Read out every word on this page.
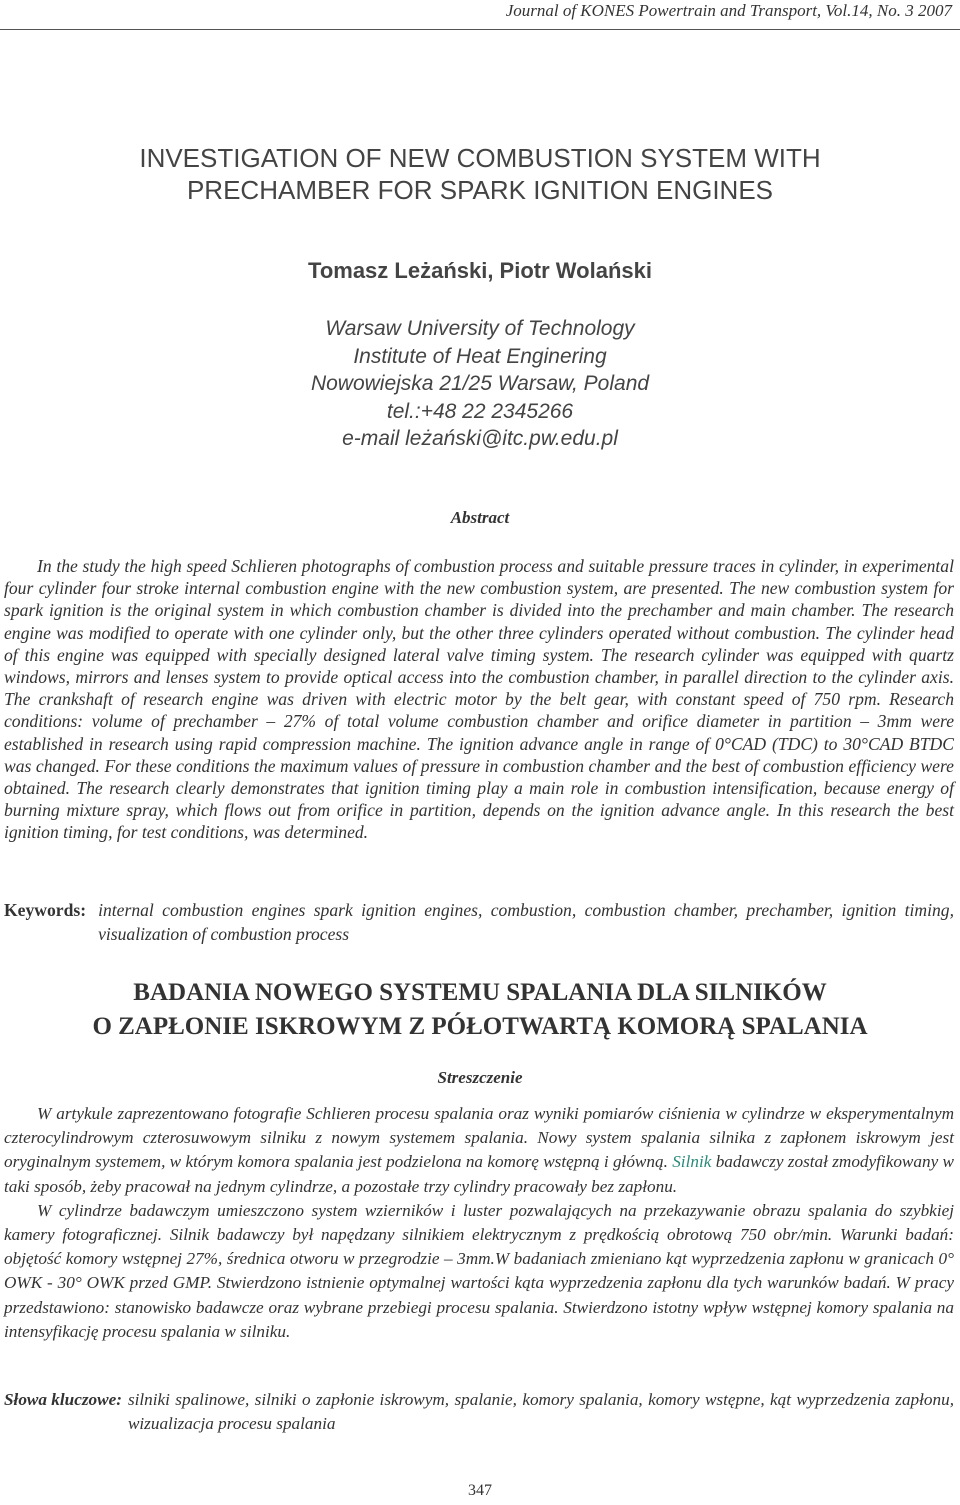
Journal of KONES Powertrain and Transport, Vol.14, No. 3 2007
INVESTIGATION OF NEW COMBUSTION SYSTEM WITH
PRECHAMBER FOR SPARK IGNITION ENGINES
Tomasz Leżański, Piotr Wolański
Warsaw University of Technology
Institute of Heat Enginering
Nowowiejska 21/25 Warsaw, Poland
tel.:+48 22 2345266
e-mail leżański@itc.pw.edu.pl
Abstract

In the study the high speed Schlieren photographs of combustion process and suitable pressure traces in cylinder, in experimental four cylinder four stroke internal combustion engine with the new combustion system, are presented. The new combustion system for spark ignition is the original system in which combustion chamber is divided into the prechamber and main chamber. The research engine was modified to operate with one cylinder only, but the other three cylinders operated without combustion. The cylinder head of this engine was equipped with specially designed lateral valve timing system. The research cylinder was equipped with quartz windows, mirrors and lenses system to provide optical access into the combustion chamber, in parallel direction to the cylinder axis. The crankshaft of research engine was driven with electric motor by the belt gear, with constant speed of 750 rpm. Research conditions: volume of prechamber – 27% of total volume combustion chamber and orifice diameter in partition – 3mm were established in research using rapid compression machine. The ignition advance angle in range of 0°CAD (TDC) to 30°CAD BTDC was changed. For these conditions the maximum values of pressure in combustion chamber and the best of combustion efficiency were obtained. The research clearly demonstrates that ignition timing play a main role in combustion intensification, because energy of burning mixture spray, which flows out from orifice in partition, depends on the ignition advance angle. In this research the best ignition timing, for test conditions, was determined.

Keywords: internal combustion engines spark ignition engines, combustion, combustion chamber, prechamber, ignition timing, visualization of combustion process
BADANIA NOWEGO SYSTEMU SPALANIA DLA SILNIKÓW
O ZAPŁONIE ISKROWYM Z PÓŁOTWARTĄ KOMORĄ SPALANIA
Streszczenie

W artykule zaprezentowano fotografie Schlieren procesu spalania oraz wyniki pomiarów ciśnienia w cylindrze w eksperymentalnym czterocylindrowym czterosuwowym silniku z nowym systemem spalania. Nowy system spalania silnika z zapłonem iskrowym jest oryginalnym systemem, w którym komora spalania jest podzielona na komorę wstępną i główną. Silnik badawczy został zmodyfikowany w taki sposób, żeby pracował na jednym cylindrze, a pozostałe trzy cylindry pracowały bez zapłonu.

W cylindrze badawczym umieszczono system wzierników i luster pozwalających na przekazywanie obrazu spalania do szybkiej kamery fotograficznej. Silnik badawczy był napędzany silnikiem elektrycznym z prędkością obrotową 750 obr/min. Warunki badań: objętość komory wstępnej 27%, średnica otworu w przegrodzie – 3mm.W badaniach zmieniano kąt wyprzedzenia zapłonu w granicach 0° OWK - 30° OWK przed GMP. Stwierdzono istnienie optymalnej wartości kąta wyprzedzenia zapłonu dla tych warunków badań. W pracy przedstawiono: stanowisko badawcze oraz wybrane przebiegi procesu spalania. Stwierdzono istotny wpływ wstępnej komory spalania na intensyfikację procesu spalania w silniku.

Słowa kluczowe: silniki spalinowe, silniki o zapłonie iskrowym, spalanie, komory spalania, komory wstępne, kąt wyprzedzenia zapłonu, wizualizacja procesu spalania
347
